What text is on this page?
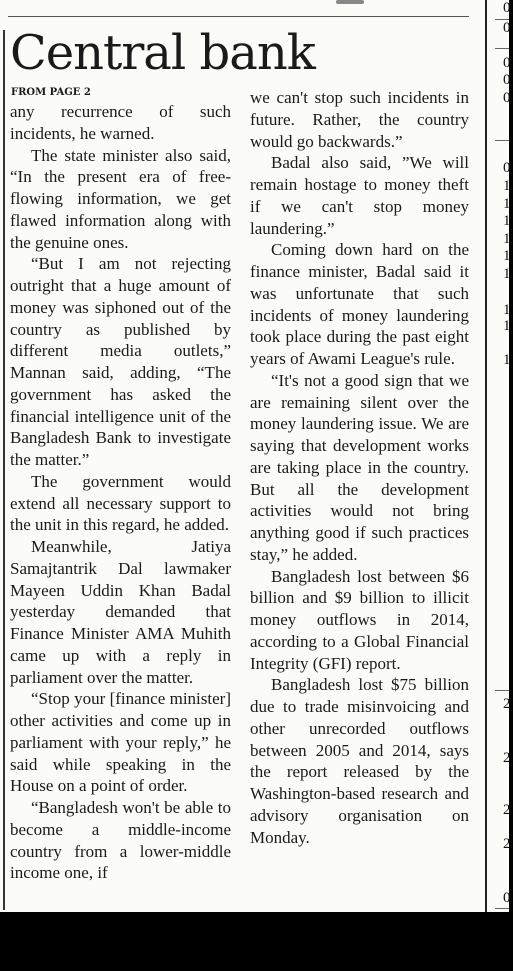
Central bank
FROM PAGE 2

any recurrence of such incidents, he warned.

The state minister also said, “In the present era of free-flowing information, we get flawed information along with the genuine ones.

“But I am not rejecting outright that a huge amount of money was siphoned out of the country as published by different media outlets,” Mannan said, adding, “The government has asked the financial intelligence unit of the Bangladesh Bank to investigate the matter.”

The government would extend all necessary support to the unit in this regard, he added.

Meanwhile, Jatiya Samajtantrik Dal lawmaker Mayeen Uddin Khan Badal yesterday demanded that Finance Minister AMA Muhith came up with a reply in parliament over the matter.

“Stop your [finance minister] other activities and come up in parliament with your reply,” he said while speaking in the House on a point of order.

“Bangladesh won't be able to become a middle-income country from a lower-middle income one, if

we can't stop such incidents in future. Rather, the country would go backwards.”

Badal also said, ”We will remain hostage to money theft if we can't stop money laundering.”

Coming down hard on the finance minister, Badal said it was unfortunate that such incidents of money laundering took place during the past eight years of Awami League's rule.

“It's not a good sign that we are remaining silent over the money laundering issue. We are saying that development works are taking place in the country. But all the development activities would not bring anything good if such practices stay,” he added.

Bangladesh lost between $6 billion and $9 billion to illicit money outflows in 2014, according to a Global Financial Integrity (GFI) report.

Bangladesh lost $75 billion due to trade misinvoicing and other unrecorded outflows between 2005 and 2014, says the report released by the Washington-based research and advisory organisation on Monday.

0
0
0
0
0
0
1
1
1
1
1
1
1
1
1
2
2
2
2
0
